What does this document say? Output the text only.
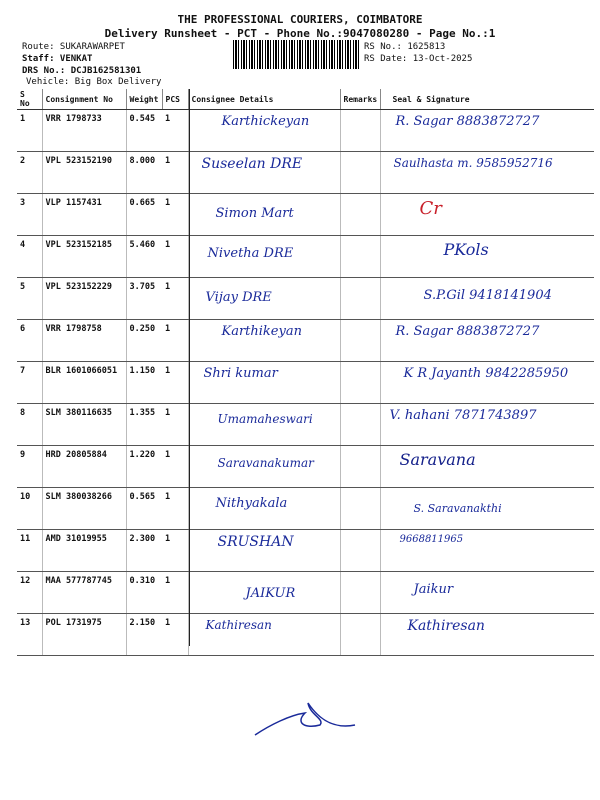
THE PROFESSIONAL COURIERS, COIMBATORE
Delivery Runsheet - PCT - Phone No.:9047080280 - Page No.:1
Route: SUKARAWARPET
Staff: VENKAT
DRS No.: DCJB162581301
Vehicle: Big Box Delivery
RS No.: 1625813
RS Date: 13-Oct-2025
S No	Consignment No	Weight	PCS	Consignee Details	Remarks	Seal & Signature
1	VRR 1798733	0.545	1	Karthickeyan		R. Sagar 8883872727
2	VPL 523152190	8.000	1	Suseelan DRE		Saulhasta m. 9585952716
3	VLP 1157431	0.665	1	Simon Mart		Cr
4	VPL 523152185	5.460	1	Nivetha DRE		PKols
5	VPL 523152229	3.705	1	Vijay DRE		S.P.Gil 9418141904
6	VRR 1798758	0.250	1	Karthikeyan		R. Sagar 8883872727
7	BLR 1601066051	1.150	1	Shri kumar		K R Jayanth 9842285950
8	SLM 380116635	1.355	1	Umamaheswari		V. hahani 7871743897
9	HRD 20805884	1.220	1	Saravanakumar		Saravana
10	SLM 380038266	0.565	1	Nithyakala		S. Saravanakthi
11	AMD 31019955	2.300	1	SRUSHAN		9668811965
12	MAA 577787745	0.310	1	JAIKUR		Jaikur
13	POL 1731975	2.150	1	Kathiresan		Kathiresan
